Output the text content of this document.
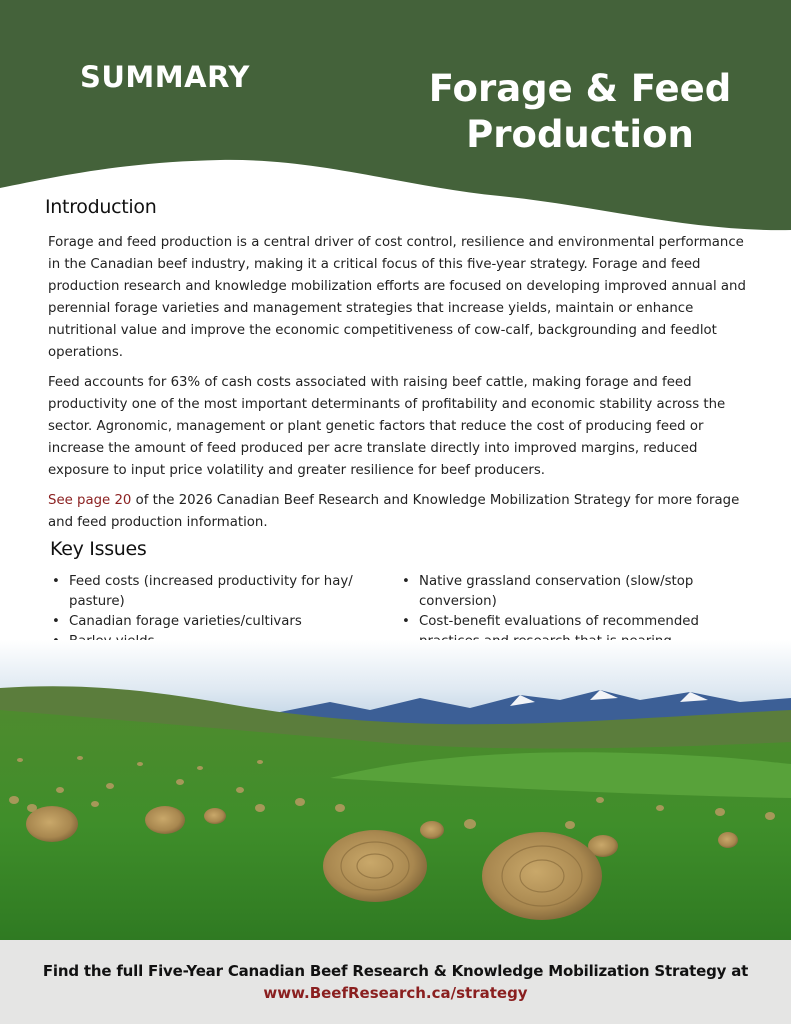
SUMMARY	Forage & Feed Production
Introduction

Forage and feed production is a central driver of cost control, resilience and environmental performance in the Canadian beef industry, making it a critical focus of this five-year strategy. Forage and feed production research and knowledge mobilization efforts are focused on developing improved annual and perennial forage varieties and management strategies that increase yields, maintain or enhance nutritional value and improve the economic competitiveness of cow-calf, backgrounding and feedlot operations.

Feed accounts for 63% of cash costs associated with raising beef cattle, making forage and feed productivity one of the most important determinants of profitability and economic stability across the sector. Agronomic, management or plant genetic factors that reduce the cost of producing feed or increase the amount of feed produced per acre translate directly into improved margins, reduced exposure to input price volatility and greater resilience for beef producers.

See page 20 of the 2026 Canadian Beef Research and Knowledge Mobilization Strategy for more forage and feed production information.

Key Issues
• Feed costs (increased productivity for hay/ pasture)
• Canadian forage varieties/cultivars
•
•
• Native grassland conservation (slow/stop conversion)
• Cost-benefit evaluations of recommended
Find the full Five-Year Canadian Beef Research & Knowledge Mobilization Strategy at
www.BeefResearch.ca/strategy
